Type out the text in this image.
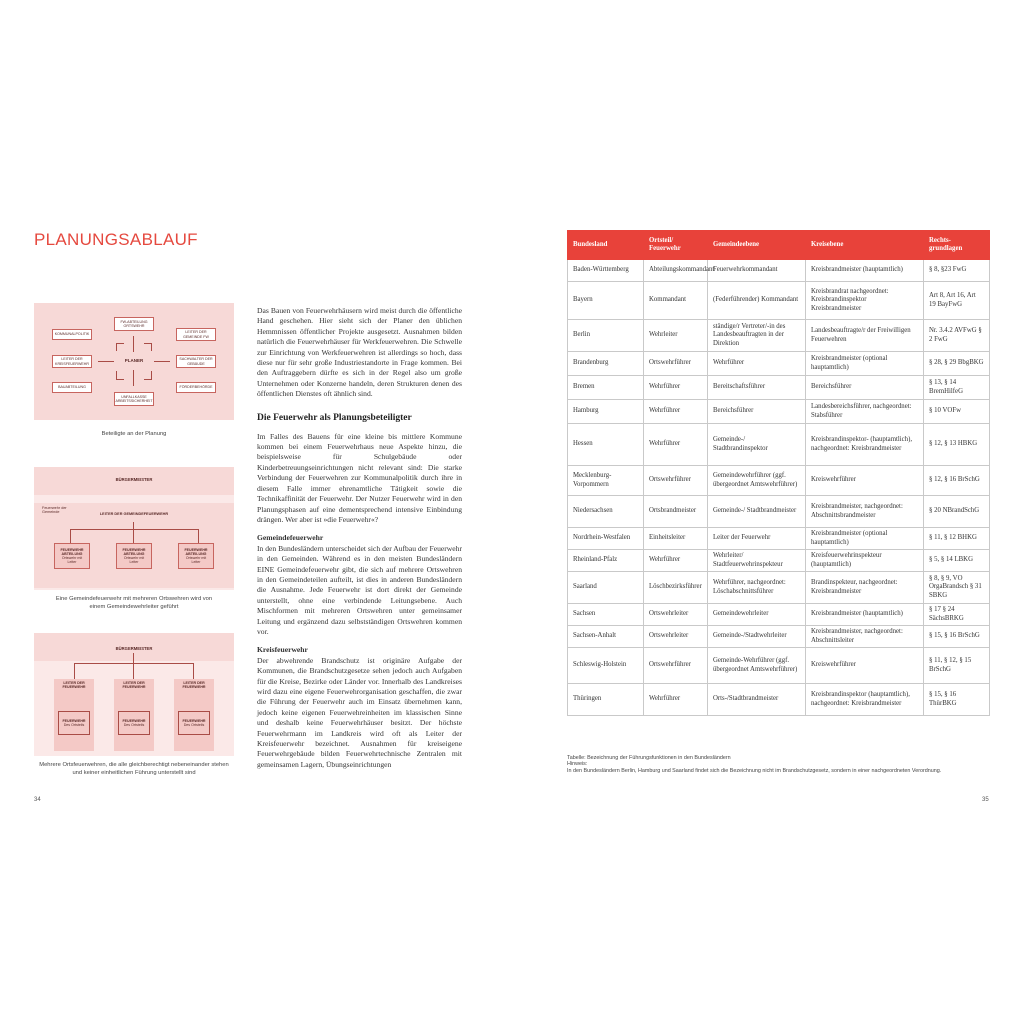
PLANUNGSABLAUF
FW-ABTEILUNG ORTSWEHR
KOMMUNALPOLITIK
LEITER DER GEMEINDE FW
LEITER DER KREISFEUERWEHR
PLANER	SACHWALTER DER GEBÄUDE
BAUABTEILUNG	FÖRDERBEHÖRDE
UNFALLKASSE ARBEITSSICHERHEIT
Beteiligte an der Planung
BÜRGERMEISTER
Feuerwehr der Gemeinde	LEITER DER GEMEINDEFEUERWEHR
FEUERWEHR ABTEILUNG
Ortswehr mit Leiter
FEUERWEHR ABTEILUNG
Ortswehr mit Leiter
FEUERWEHR ABTEILUNG
Ortswehr mit Leiter
Eine Gemeindefeuerwehr mit mehreren Ortswehren wird von einem Gemeindewehrleiter geführt
BÜRGERMEISTER
LEITER DER FEUERWEHR
LEITER DER FEUERWEHR
LEITER DER FEUERWEHR
FEUERWEHR
Des Ortsteils
FEUERWEHR
Des Ortsteils
FEUERWEHR
Des Ortsteils
Mehrere Ortsfeuerwehren, die alle gleichberechtigt nebeneinander stehen und keiner einheitlichen Führung unterstellt sind

Das Bauen von Feuerwehrhäusern wird meist durch die öffentliche Hand geschehen. Hier sieht sich der Planer den üblichen Hemmnissen öffentlicher Projekte ausgesetzt. Ausnahmen bilden natürlich die Feuerwehrhäuser für Werkfeuerwehren. Die Schwelle zur Einrichtung von Werkfeuerwehren ist allerdings so hoch, dass diese nur für sehr große Industriestandorte in Frage kommen. Bei den Auftraggebern dürfte es sich in der Regel also um große Unternehmen oder Konzerne handeln, deren Strukturen denen des öffentlichen Dienstes oft ähnlich sind.

Die Feuerwehr als Planungsbeteiligter

Im Falles des Bauens für eine kleine bis mittlere Kommune kommen bei einem Feuerwehrhaus neue Aspekte hinzu, die beispielsweise für Schulgebäude oder Kinderbetreuungseinrichtungen nicht relevant sind: Die starke Verbindung der Feuerwehren zur Kommunalpolitik durch ihre in diesem Falle immer ehrenamtliche Tätigkeit sowie die Technikaffinität der Feuerwehr. Der Nutzer Feuerwehr wird in den Planungsphasen auf eine dementsprechend intensive Einbindung drängen. Wer aber ist »die Feuerwehr«?

Gemeindefeuerwehr

In den Bundesländern unterscheidet sich der Aufbau der Feuerwehr in den Gemeinden. Während es in den meisten Bundesländern EINE Gemeindefeuerwehr gibt, die sich auf mehrere Ortswehren in den Gemeindeteilen aufteilt, ist dies in anderen Bundesländern die Ausnahme. Jede Feuerwehr ist dort direkt der Gemeinde unterstellt, ohne eine verbindende Leitungsebene. Auch Mischformen mit mehreren Ortswehren unter gemeinsamer Leitung und ergänzend dazu selbstständigen Ortswehren kommen vor.

Kreisfeuerwehr

Der abwehrende Brandschutz ist originäre Aufgabe der Kommunen, die Brandschutzgesetze sehen jedoch auch Aufgaben für die Kreise, Bezirke oder Länder vor. Innerhalb des Landkreises wird dazu eine eigene Feuerwehrorganisation geschaffen, die zwar die Führung der Feuerwehr auch im Einsatz übernehmen kann, jedoch keine eigenen Feuerwehreinheiten im klassischen Sinne und deshalb keine Feuerwehrhäuser besitzt. Der höchste Feuerwehrmann im Landkreis wird oft als Leiter der Kreisfeuerwehr bezeichnet. Ausnahmen für kreiseigene Feuerwehrgebäude bilden Feuerwehrtechnische Zentralen mit gemeinsamen Lagern, Übungseinrichtungen

Bundesland	Ortsteil/ Feuerwehr	Gemeindeebene	Kreisebene	Rechts- grundlagen
Baden-Württemberg	Abteilungskommandant	Feuerwehrkommandant	Kreisbrandmeister (hauptamtlich)	§ 8, §23 FwG
Bayern	Kommandant	(Federführender) Kommandant	Kreisbrandrat nachgeordnet: Kreisbrandinspektor Kreisbrandmeister	Art 8, Art 16, Art 19 BayFwG
Berlin	Wehrleiter	ständige/r Vertreter/-in des Landesbeauftragten in der Direktion	Landesbeauftragte/r der Freiwilligen Feuerwehren	Nr. 3.4.2 AVFwG § 2 FwG
Brandenburg	Ortswehrführer	Wehrführer	Kreisbrandmeister (optional hauptamtlich)	§ 28, § 29 BbgBKG
Bremen	Wehrführer	Bereitschaftsführer	Bereichsführer	§ 13, § 14 BremHilfeG
Hamburg	Wehrführer	Bereichsführer	Landesbereichsführer, nachgeordnet: Stabsführer	§ 10 VOFw
Hessen	Wehrführer	Gemeinde-/ Stadtbrandinspektor	Kreisbrandinspektor- (hauptamtlich), nachgeordnet: Kreisbrandmeister	§ 12, § 13 HBKG
Mecklenburg-Vorpommern	Ortswehrführer	Gemeindewehrführer (ggf. übergeordnet Amtswehrführer)	Kreiswehrführer	§ 12, § 16 BrSchG
Niedersachsen	Ortsbrandmeister	Gemeinde-/ Stadtbrandmeister	Kreisbrandmeister, nachgeordnet: Abschnittsbrandmeister	§ 20 NBrandSchG
Nordrhein-Westfalen	Einheitsleiter	Leiter der Feuerwehr	Kreisbrandmeister (optional hauptamtlich)	§ 11, § 12 BHKG
Rheinland-Pfalz	Wehrführer	Wehrleiter/ Stadtfeuerwehrinspekteur	Kreisfeuerwehrinspekteur (hauptamtlich)	§ 5, § 14 LBKG
Saarland	Löschbezirksführer	Wehrführer, nachgeordnet: Löschabschnittsführer	Brandinspekteur, nachgeordnet: Kreisbrandmeister	§ 8, § 9, VO OrgaBrandsch § 31 SBKG
Sachsen	Ortswehrleiter	Gemeindewehrleiter	Kreisbrandmeister (hauptamtlich)	§ 17 § 24 SächsBRKG
Sachsen-Anhalt	Ortswehrleiter	Gemeinde-/Stadtwehrleiter	Kreisbrandmeister, nachgeordnet: Abschnittsleiter	§ 15, § 16 BrSchG
Schleswig-Holstein	Ortswehrführer	Gemeinde-Wehrführer (ggf. übergeordnet Amtswehrführer)	Kreiswehrführer	§ 11, § 12, § 15 BrSchG
Thüringen	Wehrführer	Orts-/Stadtbrandmeister	Kreisbrandinspektor (hauptamtlich), nachgeordnet: Kreisbrandmeister	§ 15, § 16 ThürBKG
Tabelle: Bezeichnung der Führungsfunktionen in den Bundesländern
Hinweis:
In den Bundesländern Berlin, Hamburg und Saarland findet sich die Bezeichnung nicht im Brandschutzgesetz, sondern in einer nachgeordneten Verordnung.
34	35
